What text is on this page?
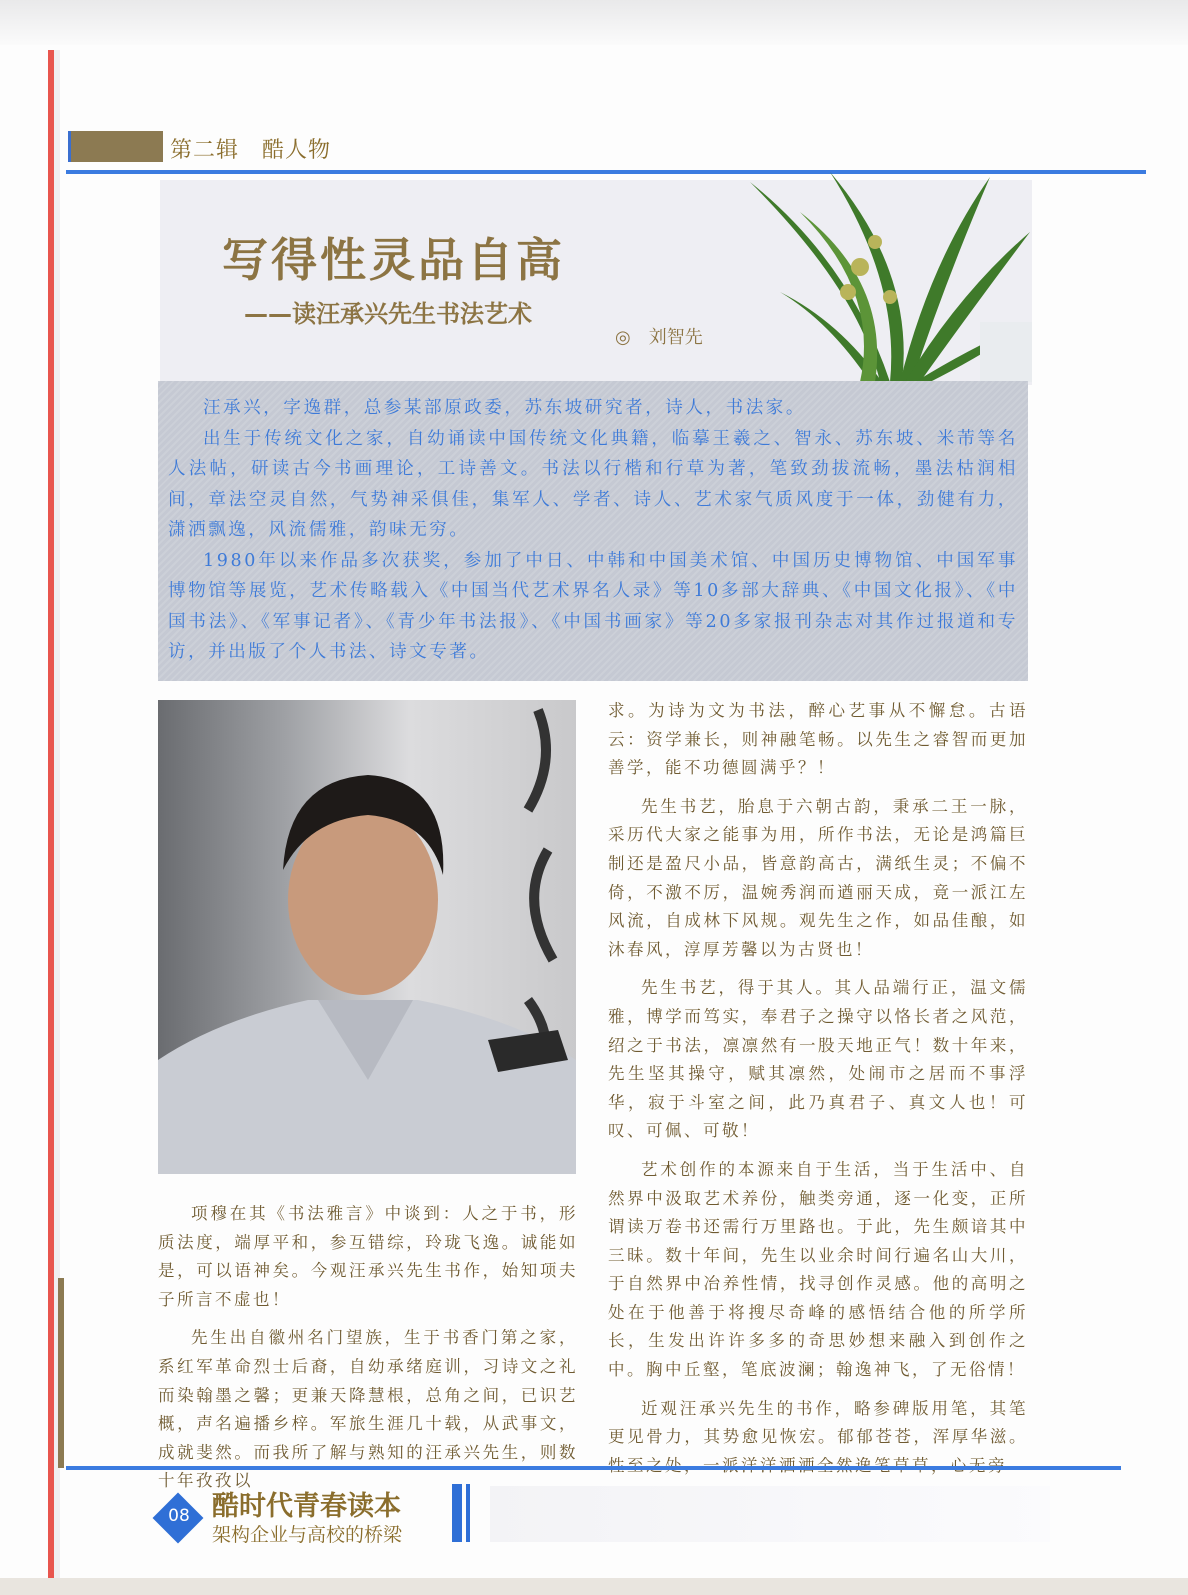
第二辑　酷人物
写得性灵品自高
——读汪承兴先生书法艺术
◎　刘智先

汪承兴，字逸群，总参某部原政委，苏东坡研究者，诗人，书法家。

出生于传统文化之家，自幼诵读中国传统文化典籍，临摹王羲之、智永、苏东坡、米芾等名人法帖，研读古今书画理论，工诗善文。书法以行楷和行草为著，笔致劲拔流畅，墨法枯润相间，章法空灵自然，气势神采俱佳，集军人、学者、诗人、艺术家气质风度于一体，劲健有力，潇洒飘逸，风流儒雅，韵味无穷。

1980年以来作品多次获奖，参加了中日、中韩和中国美术馆、中国历史博物馆、中国军事博物馆等展览，艺术传略载入《中国当代艺术界名人录》等10多部大辞典、《中国文化报》、《中国书法》、《军事记者》、《青少年书法报》、《中国书画家》等20多家报刊杂志对其作过报道和专访，并出版了个人书法、诗文专著。

项穆在其《书法雅言》中谈到：人之于书，形质法度，端厚平和，参互错综，玲珑飞逸。诚能如是，可以语神矣。今观汪承兴先生书作，始知项夫子所言不虚也！

先生出自徽州名门望族，生于书香门第之家，系红军革命烈士后裔，自幼承绪庭训，习诗文之礼而染翰墨之馨；更兼天降慧根，总角之间，已识艺概，声名遍播乡梓。军旅生涯几十载，从武事文，成就斐然。而我所了解与熟知的汪承兴先生，则数十年孜孜以

求。为诗为文为书法，醉心艺事从不懈怠。古语云：资学兼长，则神融笔畅。以先生之睿智而更加善学，能不功德圆满乎？！

先生书艺，胎息于六朝古韵，秉承二王一脉，采历代大家之能事为用，所作书法，无论是鸿篇巨制还是盈尺小品，皆意韵高古，满纸生灵；不偏不倚，不激不厉，温婉秀润而遒丽天成，竟一派江左风流，自成林下风规。观先生之作，如品佳酿，如沐春风，淳厚芳馨以为古贤也！

先生书艺，得于其人。其人品端行正，温文儒雅，博学而笃实，奉君子之操守以恪长者之风范，绍之于书法，凛凛然有一股天地正气！数十年来，先生坚其操守，赋其凛然，处闹市之居而不事浮华，寂于斗室之间，此乃真君子、真文人也！可叹、可佩、可敬！

艺术创作的本源来自于生活，当于生活中、自然界中汲取艺术养份，触类旁通，逐一化变，正所谓读万卷书还需行万里路也。于此，先生颇谙其中三昧。数十年间，先生以业余时间行遍名山大川，于自然界中冶养性情，找寻创作灵感。他的高明之处在于他善于将搜尽奇峰的感悟结合他的所学所长，生发出许许多多的奇思妙想来融入到创作之中。胸中丘壑，笔底波澜；翰逸神飞，了无俗情！

近观汪承兴先生的书作，略参碑版用笔，其笔更见骨力，其势愈见恢宏。郁郁苍苍，浑厚华滋。

08 酷时代青春读本
架构企业与高校的桥梁
